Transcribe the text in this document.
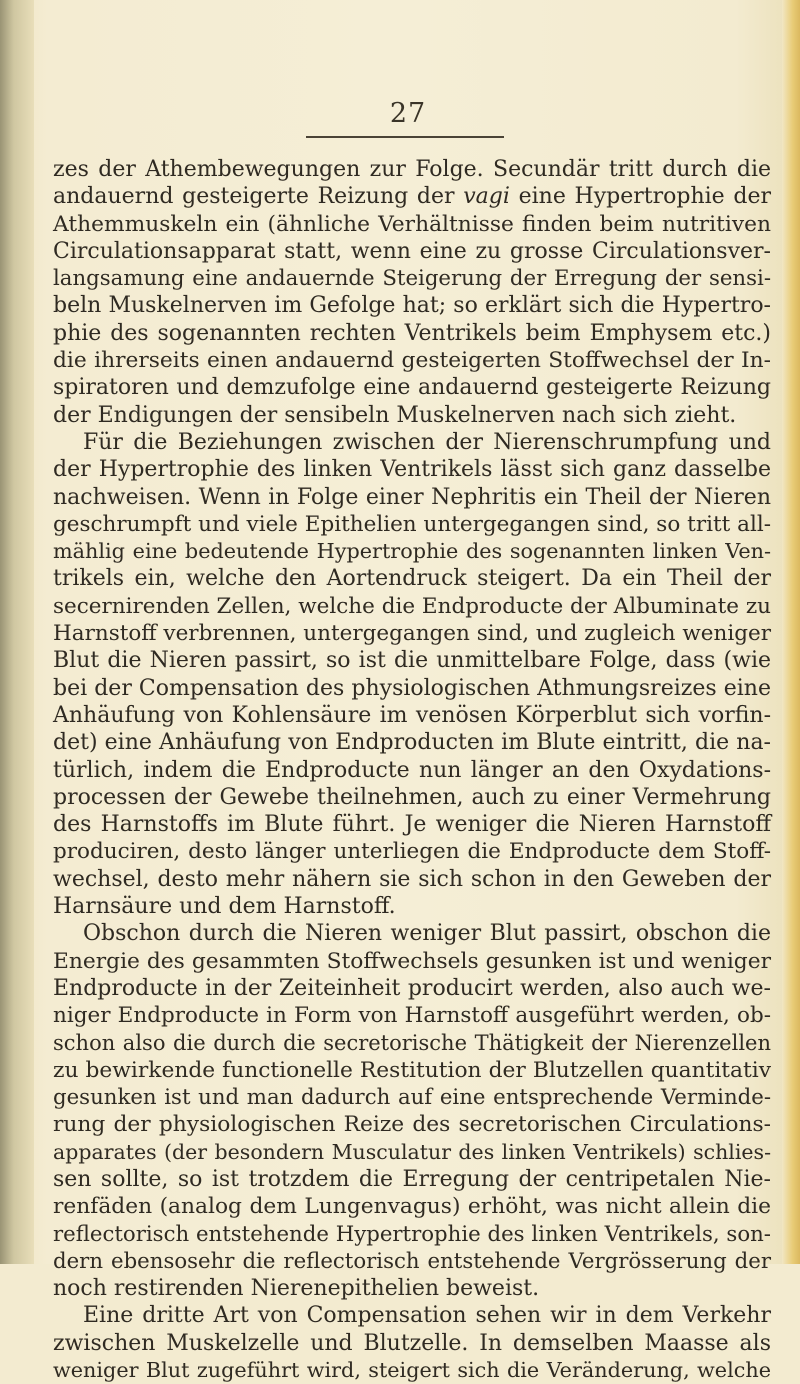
27
zes der Athembewegungen zur Folge. Secundär tritt durch die
andauernd gesteigerte Reizung der vagi eine Hypertrophie der
Athemmuskeln ein (ähnliche Verhältnisse finden beim nutritiven
Circulationsapparat statt, wenn eine zu grosse Circulationsver-
langsamung eine andauernde Steigerung der Erregung der sensi-
beln Muskelnerven im Gefolge hat; so erklärt sich die Hypertro-
phie des sogenannten rechten Ventrikels beim Emphysem etc.)
die ihrerseits einen andauernd gesteigerten Stoffwechsel der In-
spiratoren und demzufolge eine andauernd gesteigerte Reizung
der Endigungen der sensibeln Muskelnerven nach sich zieht.
Für die Beziehungen zwischen der Nierenschrumpfung und
der Hypertrophie des linken Ventrikels lässt sich ganz dasselbe
nachweisen. Wenn in Folge einer Nephritis ein Theil der Nieren
geschrumpft und viele Epithelien untergegangen sind, so tritt all-
mählig eine bedeutende Hypertrophie des sogenannten linken Ven-
trikels ein, welche den Aortendruck steigert. Da ein Theil der
secernirenden Zellen, welche die Endproducte der Albuminate zu
Harnstoff verbrennen, untergegangen sind, und zugleich weniger
Blut die Nieren passirt, so ist die unmittelbare Folge, dass (wie
bei der Compensation des physiologischen Athmungsreizes eine
Anhäufung von Kohlensäure im venösen Körperblut sich vorfin-
det) eine Anhäufung von Endproducten im Blute eintritt, die na-
türlich, indem die Endproducte nun länger an den Oxydations-
processen der Gewebe theilnehmen, auch zu einer Vermehrung
des Harnstoffs im Blute führt. Je weniger die Nieren Harnstoff
produciren, desto länger unterliegen die Endproducte dem Stoff-
wechsel, desto mehr nähern sie sich schon in den Geweben der
Harnsäure und dem Harnstoff.
Obschon durch die Nieren weniger Blut passirt, obschon die
Energie des gesammten Stoffwechsels gesunken ist und weniger
Endproducte in der Zeiteinheit producirt werden, also auch we-
niger Endproducte in Form von Harnstoff ausgeführt werden, ob-
schon also die durch die secretorische Thätigkeit der Nierenzellen
zu bewirkende functionelle Restitution der Blutzellen quantitativ
gesunken ist und man dadurch auf eine entsprechende Verminde-
rung der physiologischen Reize des secretorischen Circulations-
apparates (der besondern Musculatur des linken Ventrikels) schlies-
sen sollte, so ist trotzdem die Erregung der centripetalen Nie-
renfäden (analog dem Lungenvagus) erhöht, was nicht allein die
reflectorisch entstehende Hypertrophie des linken Ventrikels, son-
dern ebensosehr die reflectorisch entstehende Vergrösserung der
noch restirenden Nierenepithelien beweist.
Eine dritte Art von Compensation sehen wir in dem Verkehr
zwischen Muskelzelle und Blutzelle. In demselben Maasse als
weniger Blut zugeführt wird, steigert sich die Veränderung, welche
